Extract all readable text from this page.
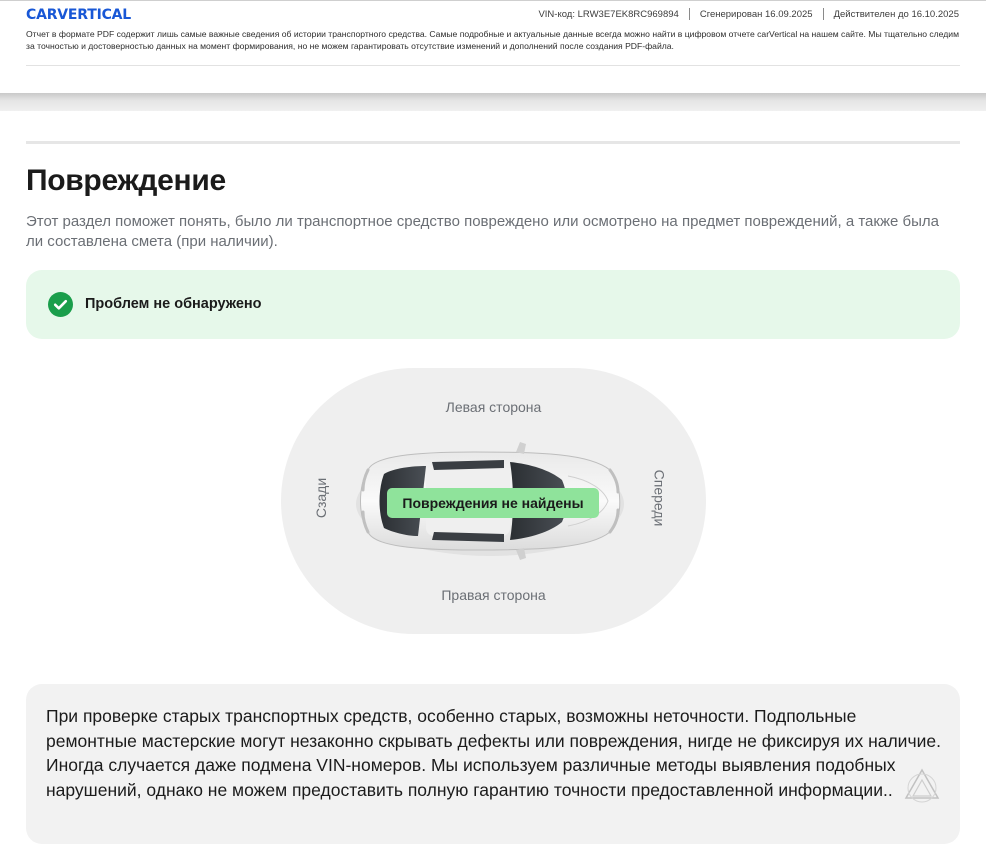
CARVERTICAL	VIN-код: LRW3E7EK8RC969894 Сгенерирован 16.09.2025 Действителен до 16.10.2025
Отчет в формате PDF содержит лишь самые важные сведения об истории транспортного средства. Самые подробные и актуальные данные всегда можно найти в цифровом отчете carVertical на нашем сайте. Мы тщательно следим за точностью и достоверностью данных на момент формирования, но не можем гарантировать отсутствие изменений и дополнений после создания PDF-файла.
Повреждение
Этот раздел поможет понять, было ли транспортное средство повреждено или осмотрено на предмет повреждений, а также была ли составлена смета (при наличии).
Проблем не обнаружено
Левая сторона
Правая сторона
Сзади	Спереди
Повреждения не найдены
При проверке старых транспортных средств, особенно старых, возможны неточности. Подпольные ремонтные мастерские могут незаконно скрывать дефекты или повреждения, нигде не фиксируя их наличие. Иногда случается даже подмена VIN-номеров. Мы используем различные методы выявления подобных нарушений, однако не можем предоставить полную гарантию точности предоставленной информации..
